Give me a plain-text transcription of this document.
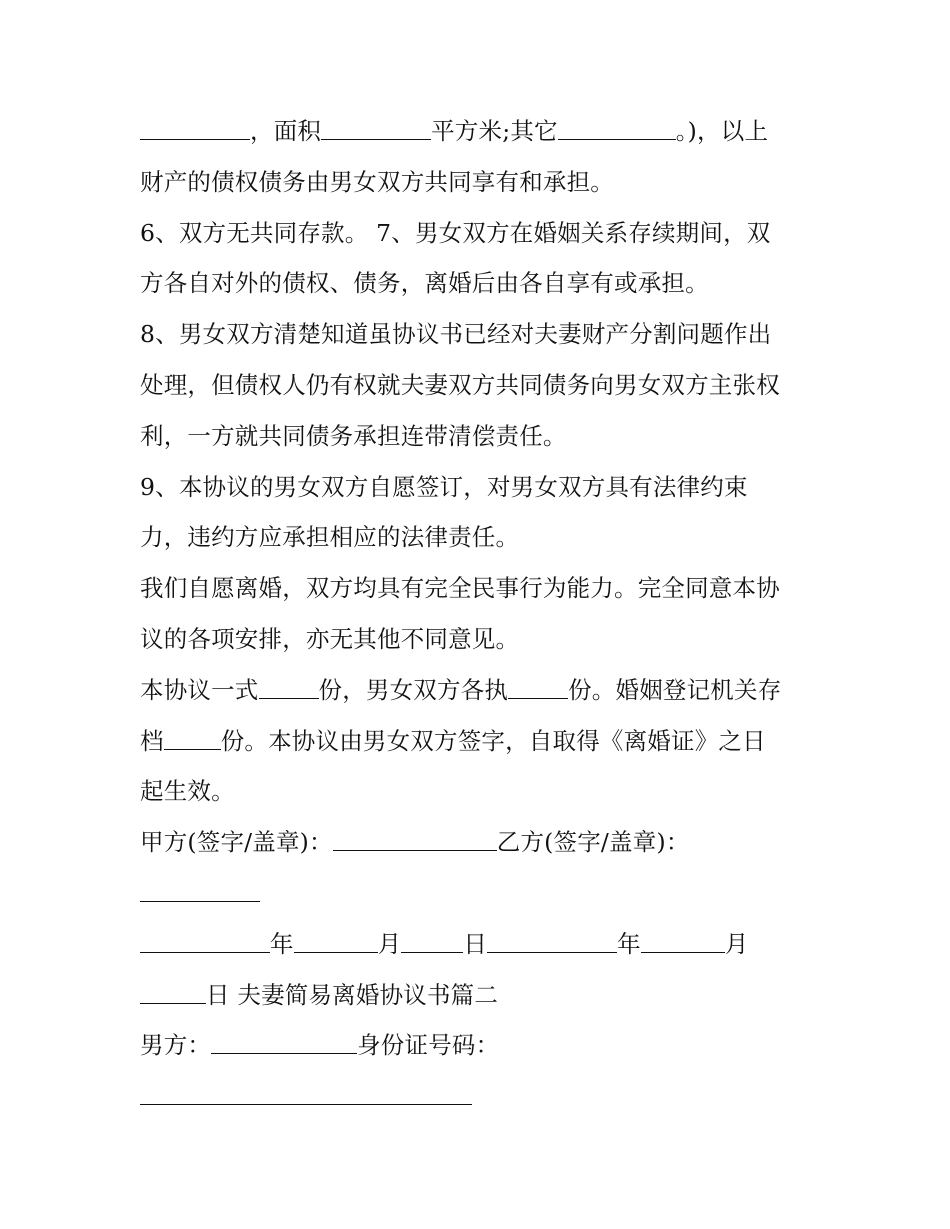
，面积	平方米;其它	。)，以上
财产的债权债务由男女双方共同享有和承担。
6、双方无共同存款。 7、男女双方在婚姻关系存续期间，双
方各自对外的债权、债务，离婚后由各自享有或承担。
8、男女双方清楚知道虽协议书已经对夫妻财产分割问题作出
处理，但债权人仍有权就夫妻双方共同债务向男女双方主张权
利，一方就共同债务承担连带清偿责任。
9、本协议的男女双方自愿签订，对男女双方具有法律约束
力，违约方应承担相应的法律责任。
我们自愿离婚，双方均具有完全民事行为能力。完全同意本协
议的各项安排，亦无其他不同意见。
本协议一式	份，男女双方各执	份。婚姻登记机关存
档 份。本协议由男女双方签字，自取得《离婚证》之日
起生效。
甲方(签字/盖章)：	乙方(签字/盖章)：
年	月	日	年	月
日 夫妻简易离婚协议书篇二
男方：	身份证号码：
